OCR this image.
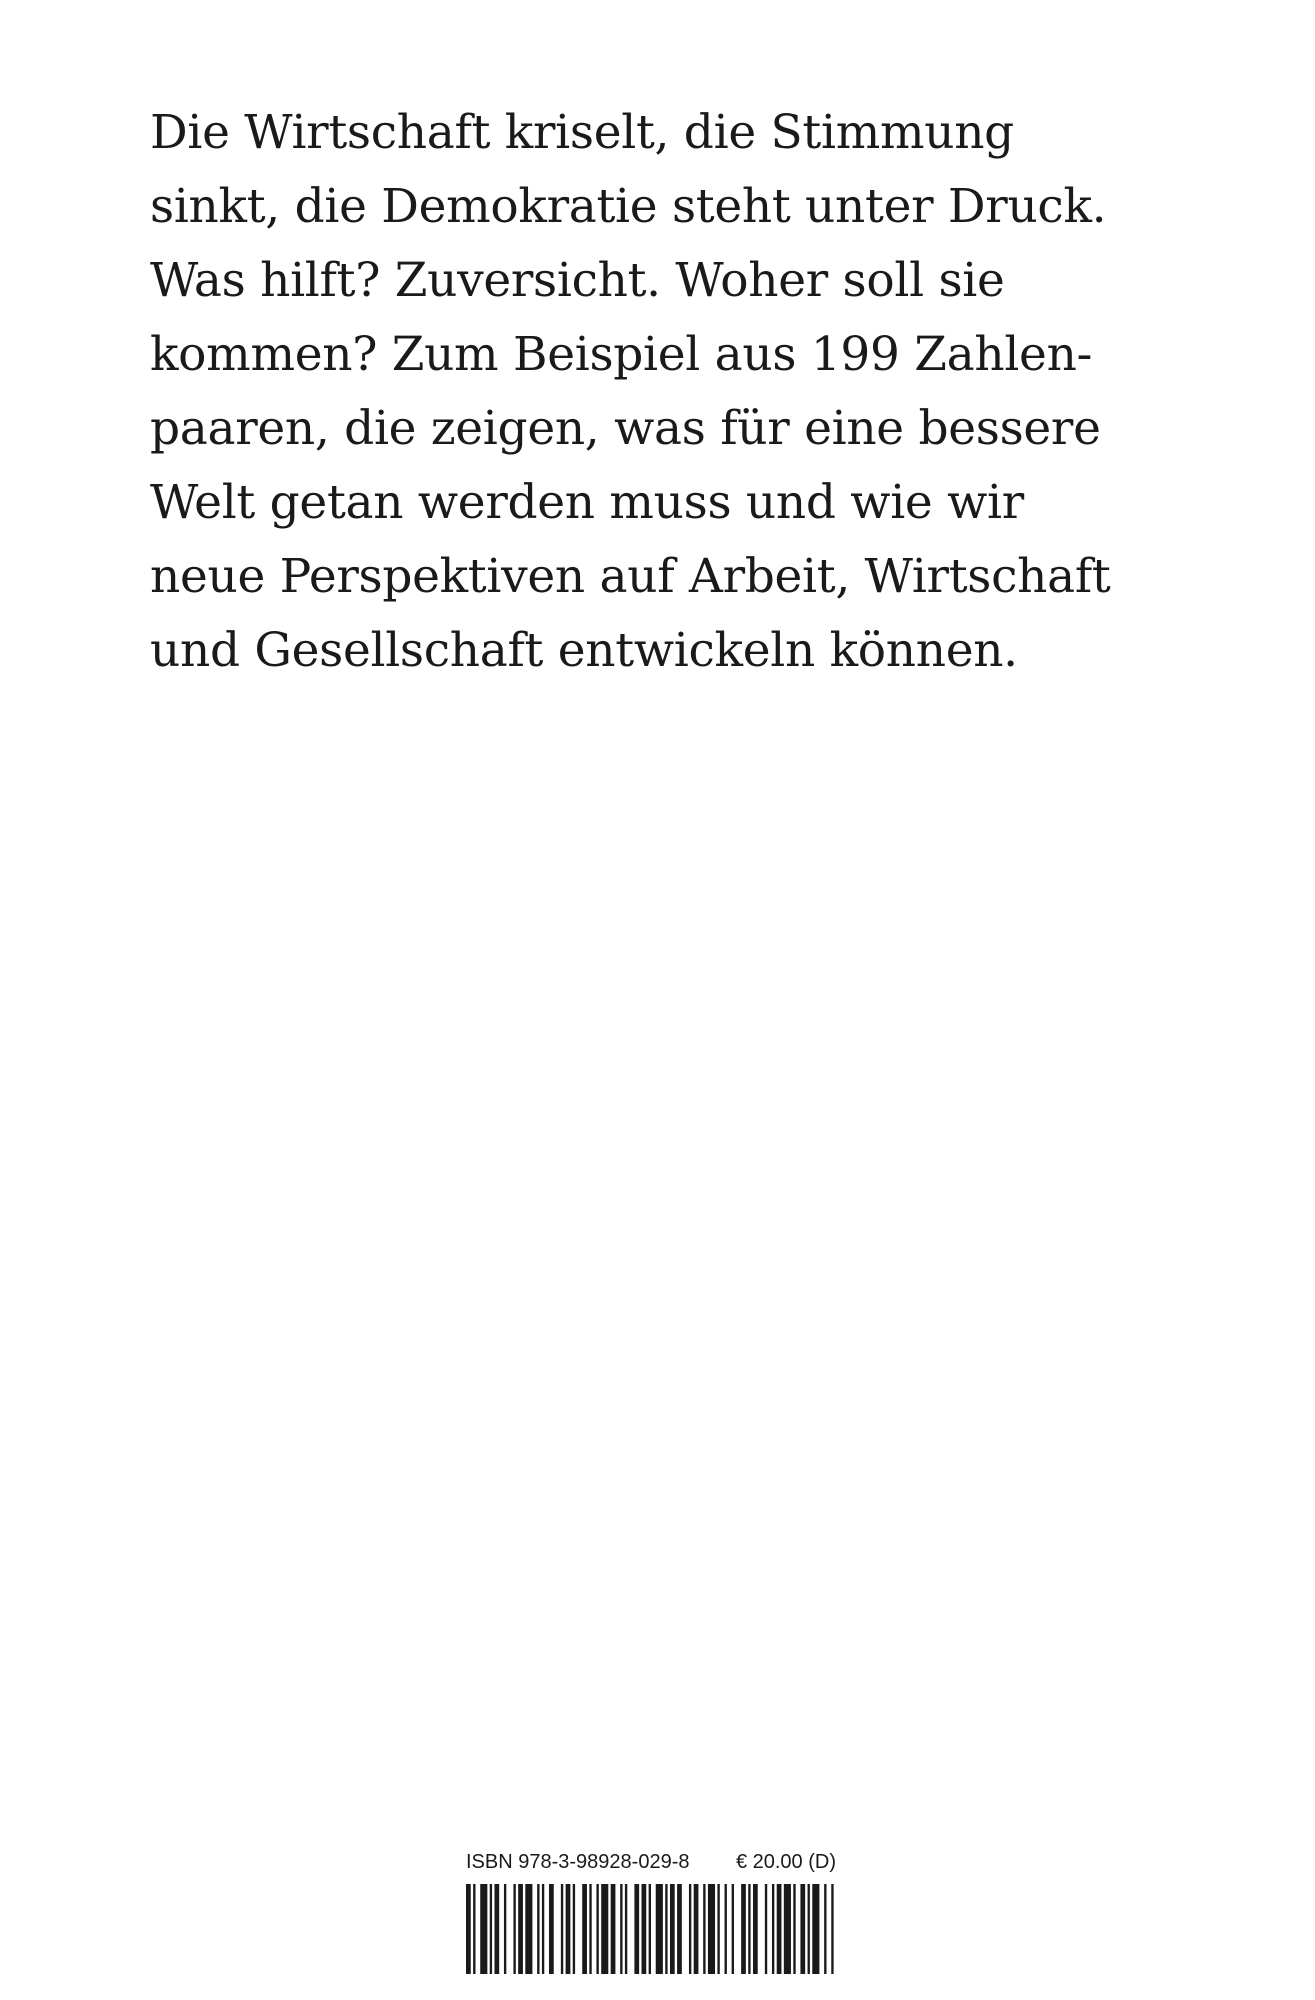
Die Wirtschaft kriselt, die Stimmung
sinkt, die Demokratie steht unter Druck.
Was hilft? Zuversicht. Woher soll sie
kommen? Zum Beispiel aus 199 Zahlen-
paaren, die zeigen, was für eine bessere
Welt getan werden muss und wie wir
neue Perspektiven auf Arbeit, Wirtschaft
und Gesellschaft entwickeln können.
ISBN 978-3-98928-029-8 € 20.00 (D)
